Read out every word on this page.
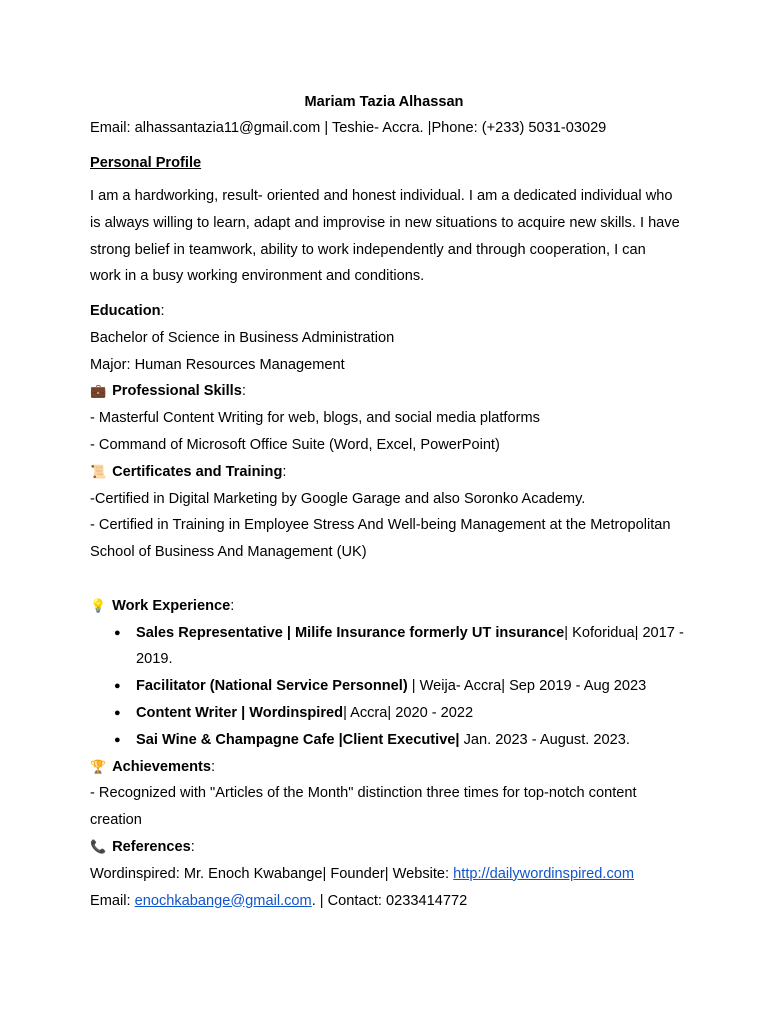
Mariam Tazia Alhassan
Email: alhassantazia11@gmail.com | Teshie- Accra. |Phone: (+233) 5031-03029
Personal Profile
I am a hardworking, result- oriented and honest individual. I am a dedicated individual who is always willing to learn, adapt and improvise in new situations to acquire new skills. I have strong belief in teamwork, ability to work independently and through cooperation, I can work in a busy working environment and conditions.
Education:
Bachelor of Science in Business Administration
Major: Human Resources Management
💼 Professional Skills:
- Masterful Content Writing for web, blogs, and social media platforms
- Command of Microsoft Office Suite (Word, Excel, PowerPoint)
📜 Certificates and Training:
-Certified in Digital Marketing by Google Garage and also Soronko Academy.
- Certified in Training in Employee Stress And Well-being Management at the Metropolitan School of Business And Management (UK)
💡 Work Experience:
● Sales Representative | Milife Insurance formerly UT insurance| Koforidua| 2017 - 2019.
● Facilitator (National Service Personnel) | Weija- Accra| Sep 2019 - Aug 2023
● Content Writer | Wordinspired| Accra| 2020 - 2022
● Sai Wine & Champagne Cafe |Client Executive| Jan. 2023 - August. 2023.
🏆 Achievements:
- Recognized with "Articles of the Month" distinction three times for top-notch content creation
📞 References:
Wordinspired: Mr. Enoch Kwabange| Founder| Website: http://dailywordinspired.com
Email: enochkabange@gmail.com. | Contact: 0233414772
